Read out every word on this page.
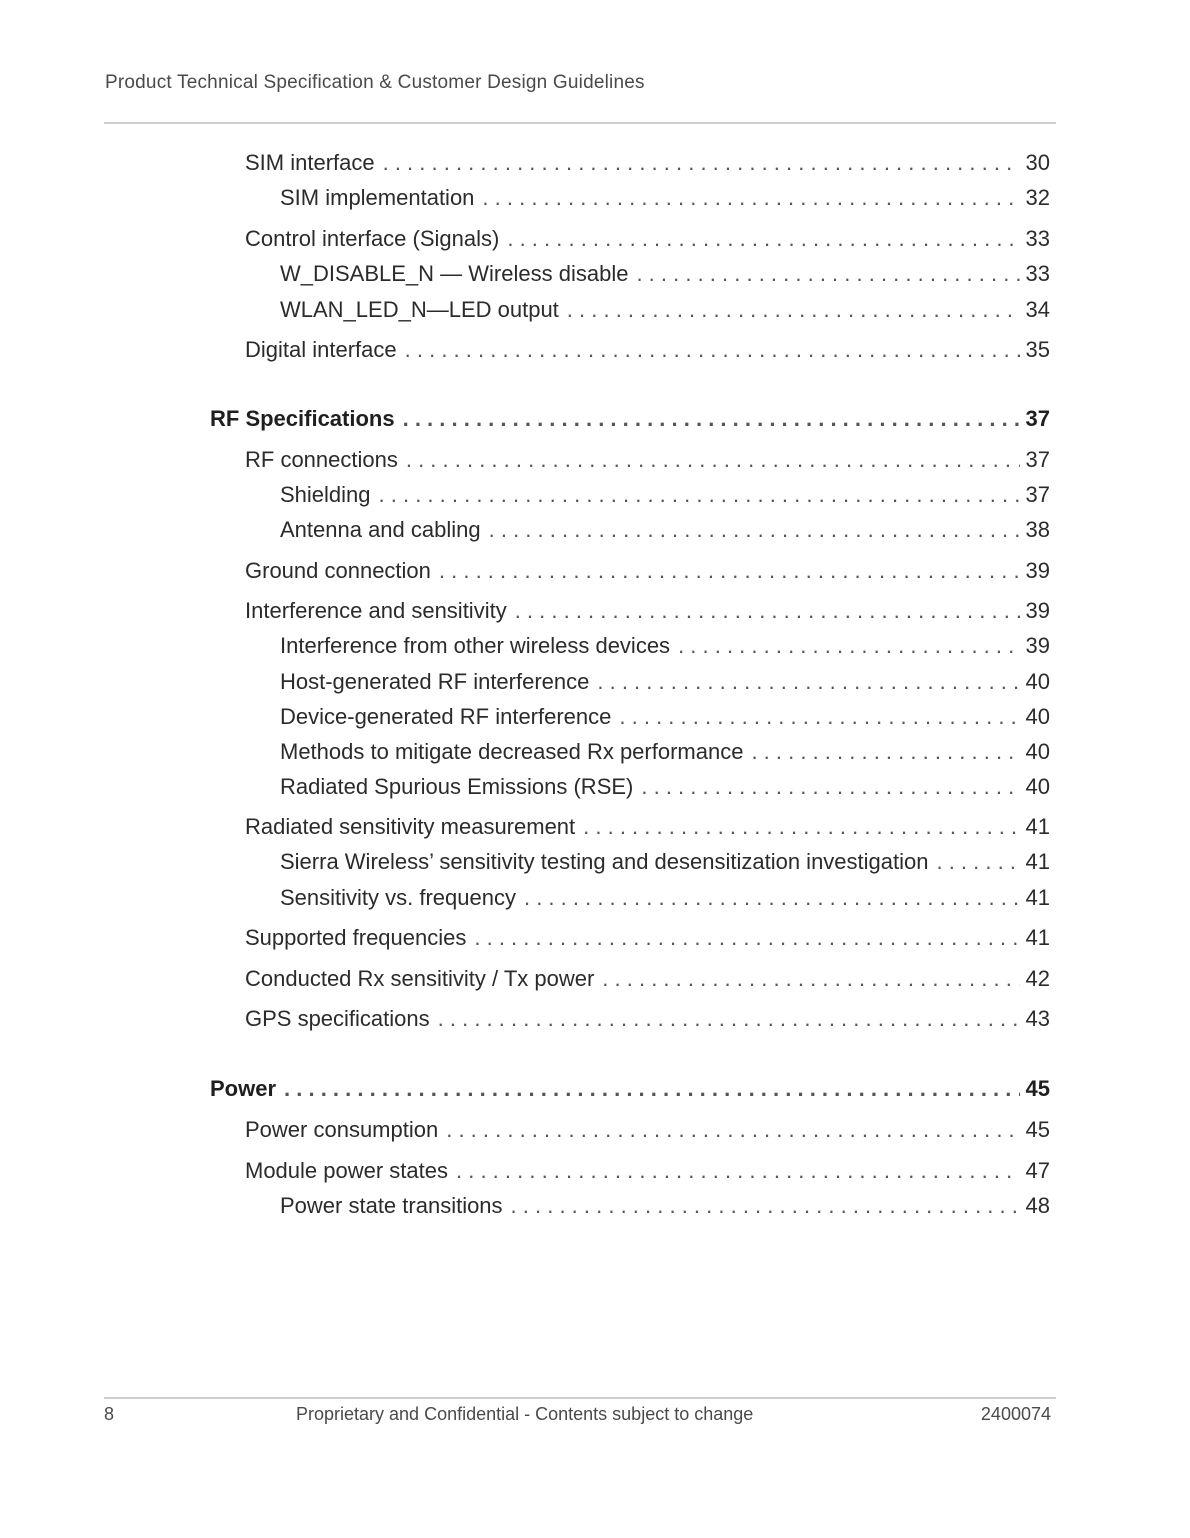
Product Technical Specification & Customer Design Guidelines
SIM interface . . .	30
SIM implementation . . .	32
Control interface (Signals) . . .	33
W_DISABLE_N — Wireless disable . . .	33
WLAN_LED_N—LED output . . .	34
Digital interface . . .	35
RF Specifications . . .	37
RF connections . . .	37
Shielding . . .	37
Antenna and cabling . . .	38
Ground connection . . .	39
Interference and sensitivity . . .	39
Interference from other wireless devices . . .	39
Host-generated RF interference . . .	40
Device-generated RF interference . . .	40
Methods to mitigate decreased Rx performance . . .	40
Radiated Spurious Emissions (RSE) . . .	40
Radiated sensitivity measurement . . .	41
Sierra Wireless’ sensitivity testing and desensitization investigation . . .	41
Sensitivity vs. frequency . . .	41
Supported frequencies . . .	41
Conducted Rx sensitivity / Tx power . . .	42
GPS specifications . . .	43
Power . . .	45
Power consumption . . .	45
Module power states . . .	47
Power state transitions . . .	48
8	Proprietary and Confidential - Contents subject to change	2400074
